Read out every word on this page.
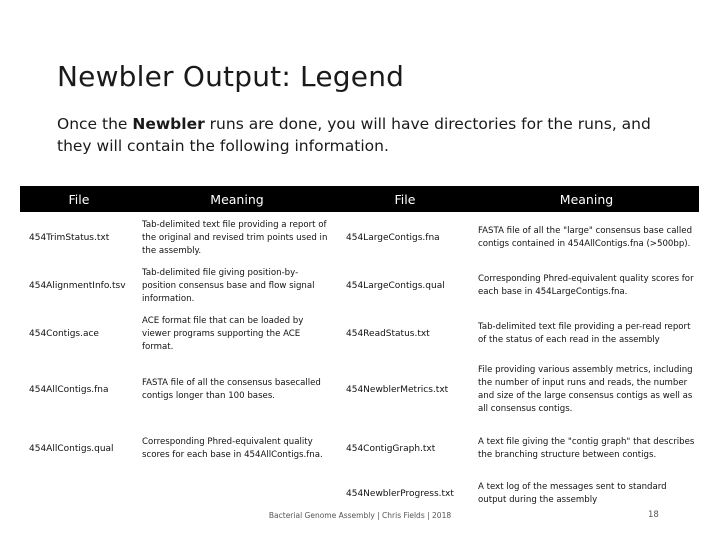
Newbler Output: Legend
Once the Newbler runs are done, you will have directories for the runs, and they will contain the following information.
File	Meaning	File	Meaning
454TrimStatus.txt	Tab-delimited text file providing a report of the original and revised trim points used in the assembly.	454LargeContigs.fna	FASTA file of all the "large" consensus base called contigs contained in 454AllContigs.fna (>500bp).
454AlignmentInfo.tsv	Tab-delimited file giving position-by-position consensus base and flow signal information.	454LargeContigs.qual	Corresponding Phred-equivalent quality scores for each base in 454LargeContigs.fna.
454Contigs.ace	ACE format file that can be loaded by viewer programs supporting the ACE format.	454ReadStatus.txt	Tab-delimited text file providing a per-read report of the status of each read in the assembly
454AllContigs.fna	FASTA file of all the consensus basecalled contigs longer than 100 bases.	454NewblerMetrics.txt	File providing various assembly metrics, including the number of input runs and reads, the number and size of the large consensus contigs as well as all consensus contigs.
454AllContigs.qual	Corresponding Phred-equivalent quality scores for each base in 454AllContigs.fna.	454ContigGraph.txt	A text file giving the "contig graph" that describes the branching structure between contigs.
		454NewblerProgress.txt	A text log of the messages sent to standard output during the assembly
Bacterial Genome Assembly | Chris Fields | 2018	18
